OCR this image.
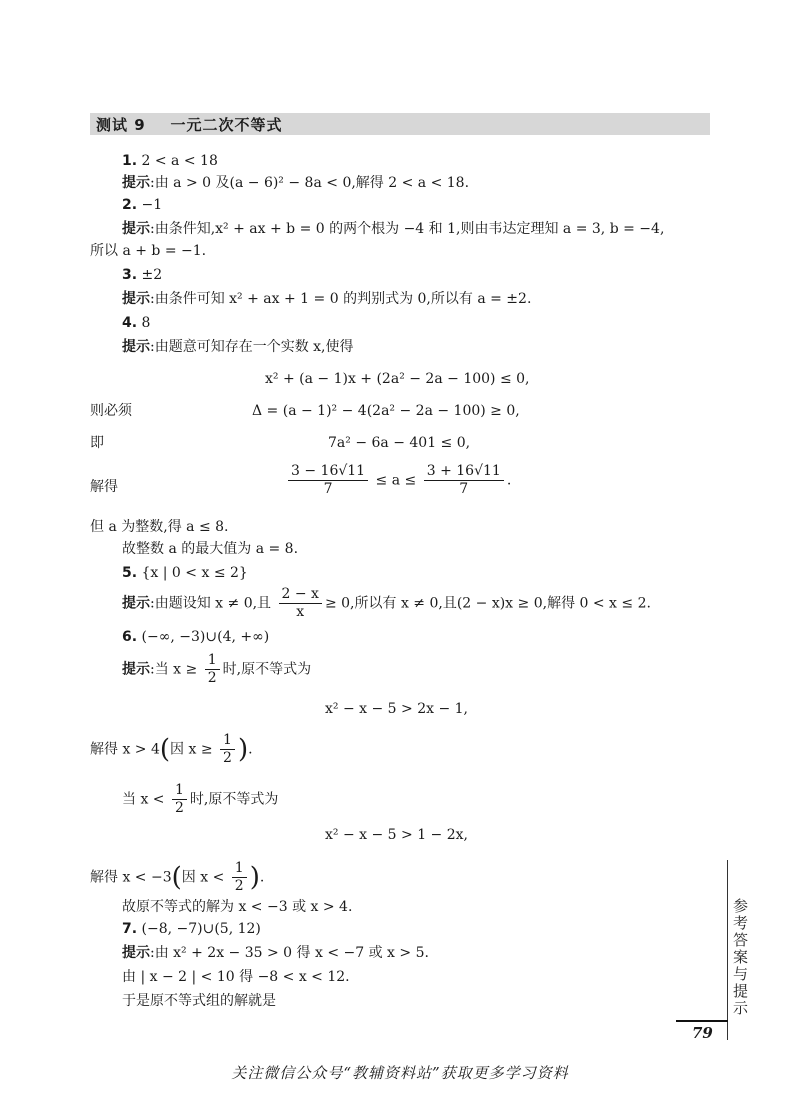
测试 9    一元二次不等式
1. 2 < a < 18
提示:由 a > 0 及(a − 6)² − 8a < 0,解得 2 < a < 18.
2. −1
提示:由条件知,x² + ax + b = 0 的两个根为 −4 和 1,则由韦达定理知 a = 3, b = −4,
所以 a + b = −1.
3. ±2
提示:由条件可知 x² + ax + 1 = 0 的判别式为 0,所以有 a = ±2.
4. 8
提示:由题意可知存在一个实数 x,使得
x² + (a − 1)x + (2a² − 2a − 100) ≤ 0,
则必须	Δ = (a − 1)² − 4(2a² − 2a − 100) ≥ 0,
即	7a² − 6a − 401 ≤ 0,
解得	$\frac{3 - 16√11}{7} \le a \le \frac{3 + 16√11}{7}$ .
但 a 为整数,得 a ≤ 8.
故整数 a 的最大值为 a = 8.
5. {x | 0 < x ≤ 2}
提示:由题设知 x ≠ 0,且 $\frac{2 - x}{x} \ge 0$,所以有 x ≠ 0,且(2 − x)x ≥ 0,解得 0 < x ≤ 2.
6. (−∞, −3)∪(4, +∞)
提示:当 $x \ge \frac{1}{2}$ 时,原不等式为
x² − x − 5 > 2x − 1,
解得 x > 4(因 $x \ge \frac{1}{2}$ ).
当 $x < \frac{1}{2}$ 时,原不等式为
x² − x − 5 > 1 − 2x,
解得 x < −3(因 $x < \frac{1}{2}$ ).
故原不等式的解为 x < −3 或 x > 4.
7. (−8, −7)∪(5, 12)
提示:由 x² + 2x − 35 > 0 得 x < −7 或 x > 5.
由 | x − 2 | < 10 得 −8 < x < 12.
于是原不等式组的解就是	参考答案与提示
79
关注微信公众号“教辅资料站”获取更多学习资料
